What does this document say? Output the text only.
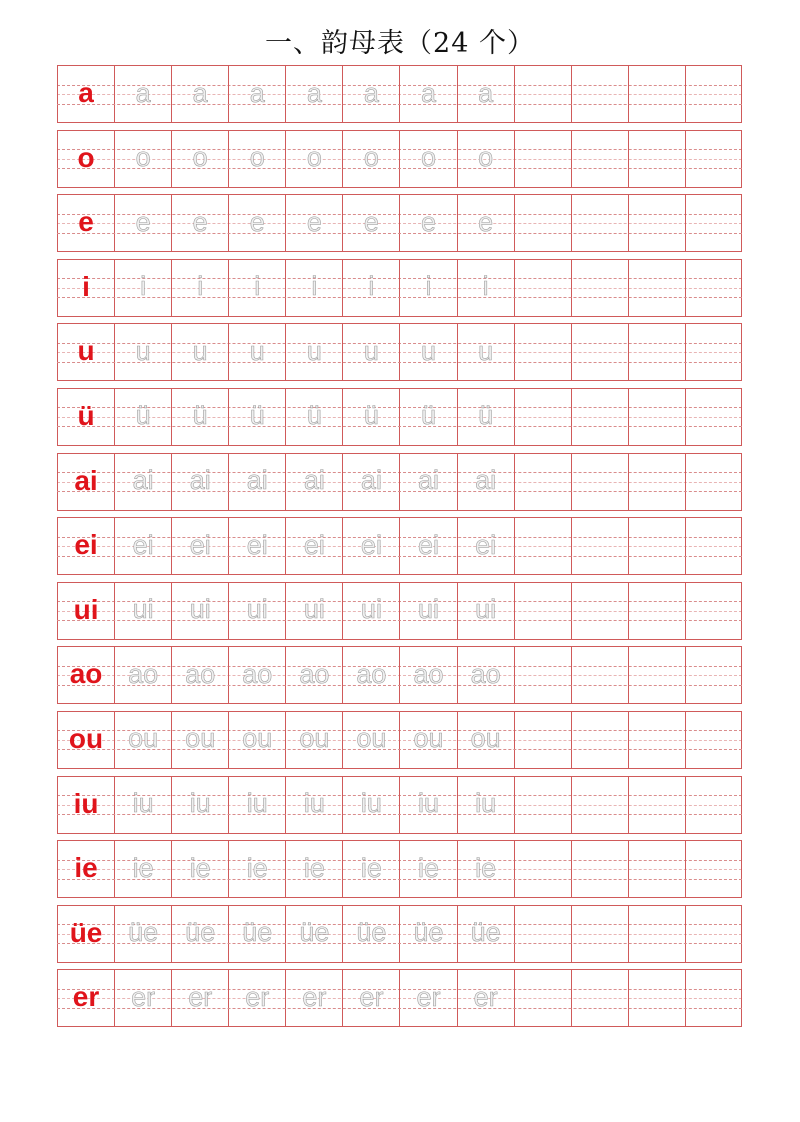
一、韵母表（24 个）
a a a a a a a a
o o o o o o o o
e e e e e e e e
i i i i i i i i
u u u u u u u u
ü ü ü ü ü ü ü ü
ai ai ai ai ai ai ai ai
ei ei ei ei ei ei ei ei
ui ui ui ui ui ui ui ui
ao ao ao ao ao ao ao ao
ou ou ou ou ou ou ou ou
iu iu iu iu iu iu iu iu
ie ie ie ie ie ie ie ie
üe üe üe üe üe üe üe üe
er er er er er er er er
